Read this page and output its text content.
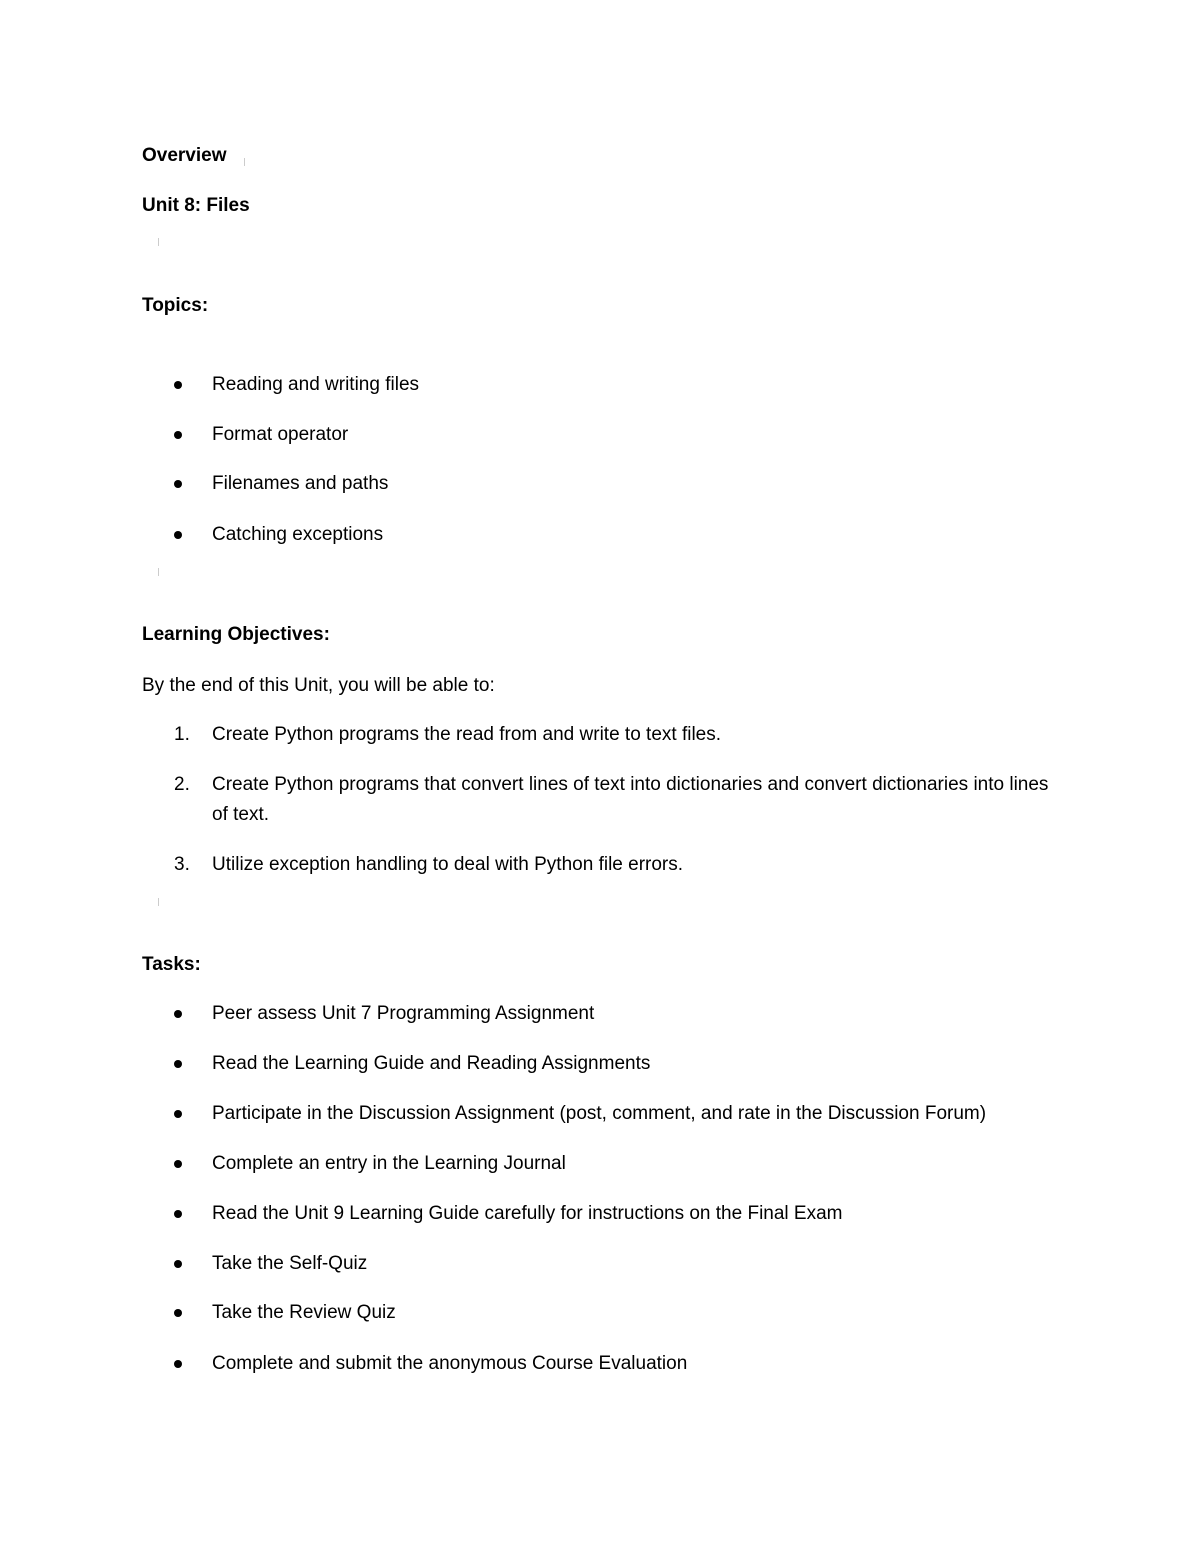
Overview
Unit 8: Files
Topics:
Reading and writing files
Format operator
Filenames and paths
Catching exceptions
Learning Objectives:
By the end of this Unit, you will be able to:
1. Create Python programs the read from and write to text files.
2. Create Python programs that convert lines of text into dictionaries and convert dictionaries into lines of text.
3. Utilize exception handling to deal with Python file errors.
Tasks:
Peer assess Unit 7 Programming Assignment
Read the Learning Guide and Reading Assignments
Participate in the Discussion Assignment (post, comment, and rate in the Discussion Forum)
Complete an entry in the Learning Journal
Read the Unit 9 Learning Guide carefully for instructions on the Final Exam
Take the Self-Quiz
Take the Review Quiz
Complete and submit the anonymous Course Evaluation
